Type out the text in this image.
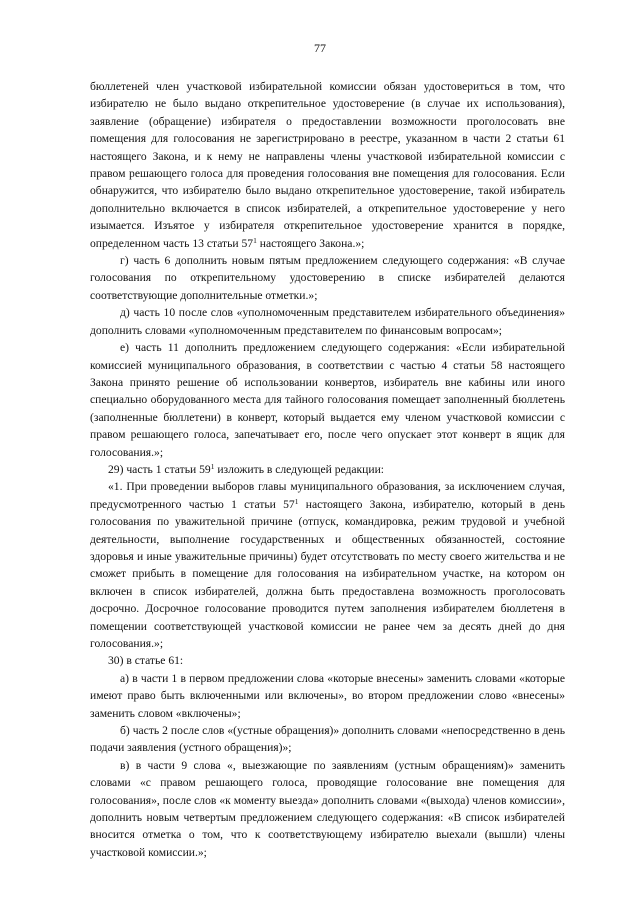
77

бюллетеней член участковой избирательной комиссии обязан удостовериться в том, что избирателю не было выдано открепительное удостоверение (в случае их использования), заявление (обращение) избирателя о предоставлении возможности проголосовать вне помещения для голосования не зарегистрировано в реестре, указанном в части 2 статьи 61 настоящего Закона, и к нему не направлены члены участковой избирательной комиссии с правом решающего голоса для проведения голосования вне помещения для голосования. Если обнаружится, что избирателю было выдано открепительное удостоверение, такой избиратель дополнительно включается в список избирателей, а открепительное удостоверение у него изымается. Изъятое у избирателя открепительное удостоверение хранится в порядке, определенном часть 13 статьи $57^1$ настоящего Закона.»;

г) часть 6 дополнить новым пятым предложением следующего содержания: «В случае голосования по открепительному удостоверению в списке избирателей делаются соответствующие дополнительные отметки.»;

д) часть 10 после слов «уполномоченным представителем избирательного объединения» дополнить словами «уполномоченным представителем по финансовым вопросам»;

е) часть 11 дополнить предложением следующего содержания: «Если избирательной комиссией муниципального образования, в соответствии с частью 4 статьи 58 настоящего Закона принято решение об использовании конвертов, избиратель вне кабины или иного специально оборудованного места для тайного голосования помещает заполненный бюллетень (заполненные бюллетени) в конверт, который выдается ему членом участковой комиссии с правом решающего голоса, запечатывает его, после чего опускает этот конверт в ящик для голосования.»;

29) часть 1 статьи $59^1$ изложить в следующей редакции:

«1. При проведении выборов главы муниципального образования, за исключением случая, предусмотренного частью 1 статьи $57^1$ настоящего Закона, избирателю, который в день голосования по уважительной причине (отпуск, командировка, режим трудовой и учебной деятельности, выполнение государственных и общественных обязанностей, состояние здоровья и иные уважительные причины) будет отсутствовать по месту своего жительства и не сможет прибыть в помещение для голосования на избирательном участке, на котором он включен в список избирателей, должна быть предоставлена возможность проголосовать досрочно. Досрочное голосование проводится путем заполнения избирателем бюллетеня в помещении соответствующей участковой комиссии не ранее чем за десять дней до дня голосования.»;

30) в статье 61:

а) в части 1 в первом предложении слова «которые внесены» заменить словами «которые имеют право быть включенными или включены», во втором предложении слово «внесены» заменить словом «включены»;

б) часть 2 после слов «(устные обращения)» дополнить словами «непосредственно в день подачи заявления (устного обращения)»;

в) в части 9 слова «, выезжающие по заявлениям (устным обращениям)» заменить словами «с правом решающего голоса, проводящие голосование вне помещения для голосования», после слов «к моменту выезда» дополнить словами «(выхода) членов комиссии», дополнить новым четвертым предложением следующего содержания: «В список избирателей вносится отметка о том, что к соответствующему избирателю выехали (вышли) члены участковой комиссии.»;
